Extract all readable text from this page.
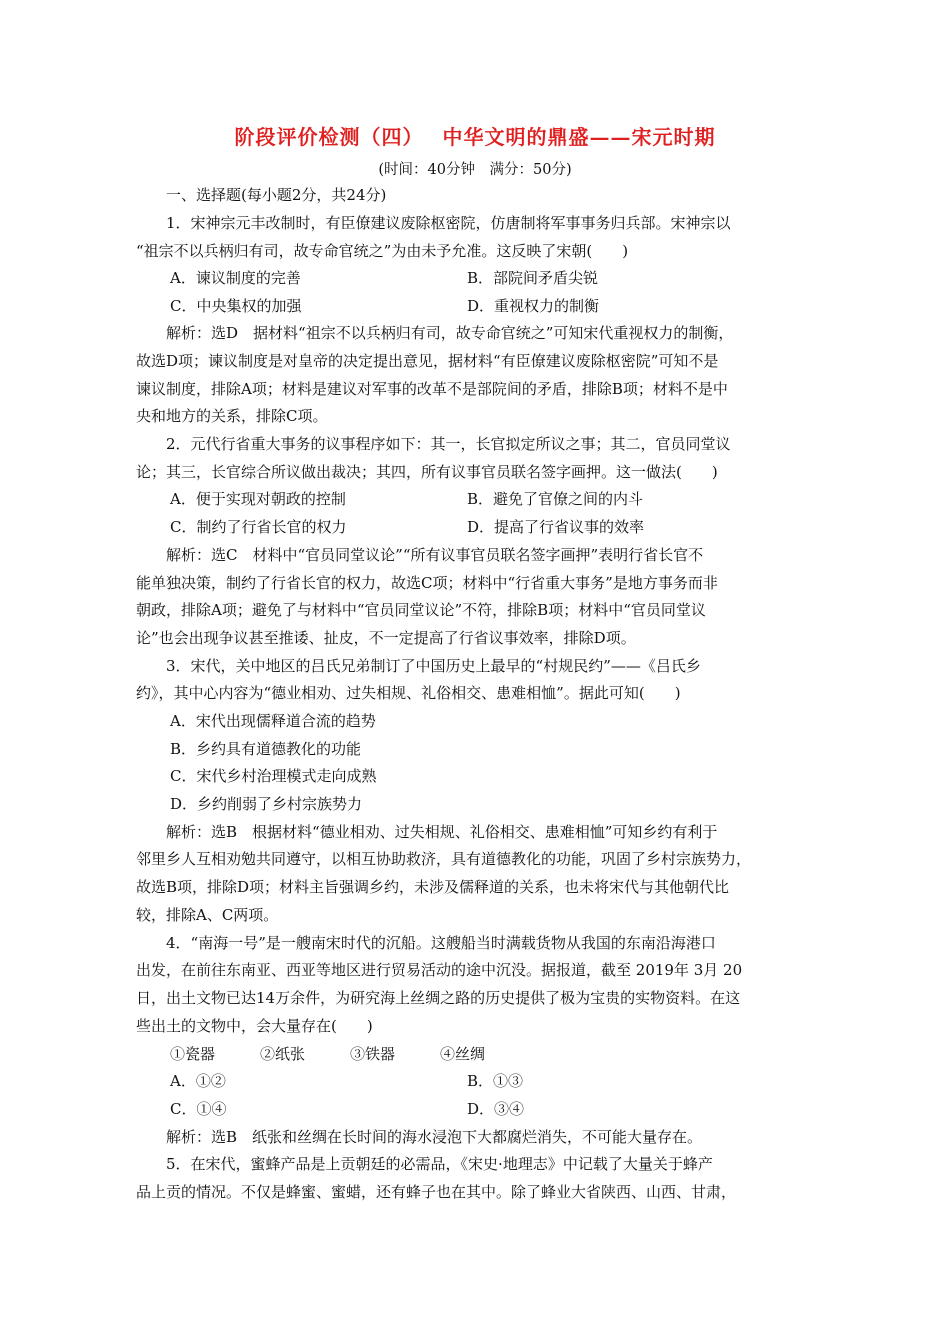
阶段评价检测（四）　 中华文明的鼎盛——宋元时期
(时间：40分钟　满分：50分)
一、选择题(每小题2分，共24分)
1．宋神宗元丰改制时，有臣僚建议废除枢密院，仿唐制将军事事务归兵部。宋神宗以
“祖宗不以兵柄归有司，故专命官统之”为由未予允准。这反映了宋朝(　　)
A．谏议制度的完善	B．部院间矛盾尖锐
C．中央集权的加强	D．重视权力的制衡
解析：选D　据材料“祖宗不以兵柄归有司，故专命官统之”可知宋代重视权力的制衡，
故选D项；谏议制度是对皇帝的决定提出意见，据材料“有臣僚建议废除枢密院”可知不是
谏议制度，排除A项；材料是建议对军事的改革不是部院间的矛盾，排除B项；材料不是中
央和地方的关系，排除C项。
2．元代行省重大事务的议事程序如下：其一，长官拟定所议之事；其二，官员同堂议
论；其三，长官综合所议做出裁决；其四，所有议事官员联名签字画押。这一做法(　　)
A．便于实现对朝政的控制	B．避免了官僚之间的内斗
C．制约了行省长官的权力	D．提高了行省议事的效率
解析：选C　材料中“官员同堂议论”“所有议事官员联名签字画押”表明行省长官不
能单独决策，制约了行省长官的权力，故选C项；材料中“行省重大事务”是地方事务而非
朝政，排除A项；避免了与材料中“官员同堂议论”不符，排除B项；材料中“官员同堂议
论”也会出现争议甚至推诿、扯皮，不一定提高了行省议事效率，排除D项。
3．宋代，关中地区的吕氏兄弟制订了中国历史上最早的“村规民约”——《吕氏乡
约》，其中心内容为“德业相劝、过失相规、礼俗相交、患难相恤”。据此可知(　　)
A．宋代出现儒释道合流的趋势
B．乡约具有道德教化的功能
C．宋代乡村治理模式走向成熟
D．乡约削弱了乡村宗族势力
解析：选B　根据材料“德业相劝、过失相规、礼俗相交、患难相恤”可知乡约有利于
邻里乡人互相劝勉共同遵守，以相互协助救济，具有道德教化的功能，巩固了乡村宗族势力，
故选B项，排除D项；材料主旨强调乡约，未涉及儒释道的关系，也未将宋代与其他朝代比
较，排除A、C两项。
4．“南海一号”是一艘南宋时代的沉船。这艘船当时满载货物从我国的东南沿海港口
出发，在前往东南亚、西亚等地区进行贸易活动的途中沉没。据报道，截至 2019年 3月 20
日，出土文物已达14万余件，为研究海上丝绸之路的历史提供了极为宝贵的实物资料。在这
些出土的文物中，会大量存在(　　)
①瓷器　　　②纸张　　　③铁器　　　④丝绸
A．①②	B．①③
C．①④	D．③④
解析：选B　纸张和丝绸在长时间的海水浸泡下大都腐烂消失，不可能大量存在。
5．在宋代，蜜蜂产品是上贡朝廷的必需品，《宋史·地理志》中记载了大量关于蜂产
品上贡的情况。不仅是蜂蜜、蜜蜡，还有蜂子也在其中。除了蜂业大省陕西、山西、甘肃，
